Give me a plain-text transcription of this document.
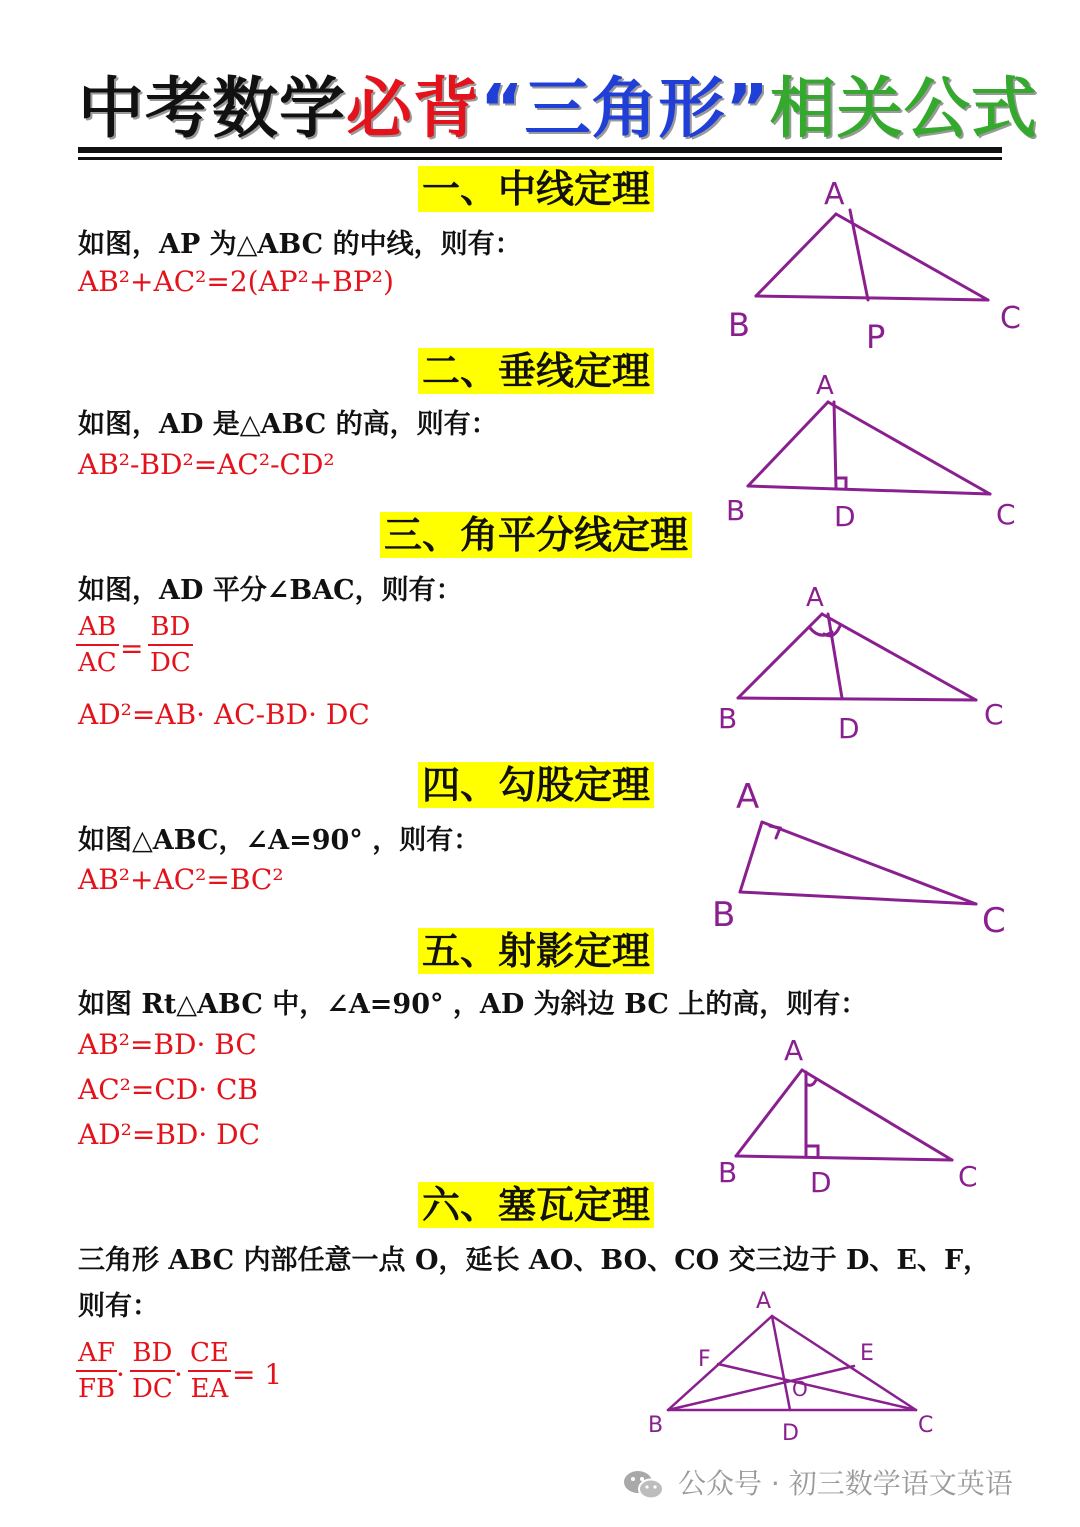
中考数学必背“三角形”相关公式
一、中线定理
如图，AP 为△ABC 的中线，则有：
AB²+AC²=2(AP²+BP²)
A
B	P	C
二、垂线定理
如图，AD 是△ABC 的高，则有：
AB²-BD²=AC²-CD²
A
B	D	C
三、角平分线定理
如图，AD 平分∠BAC，则有：
AB
AC =
BD
DC
AD²=AB· AC-BD· DC
A
B	D	C
四、勾股定理
如图△ABC，∠A=90° ，则有：
AB²+AC²=BC²
A
B	C
五、射影定理
如图 Rt△ABC 中，∠A=90° ，AD 为斜边 BC 上的高，则有：
AB²=BD· BC
AC²=CD· CB
AD²=BD· DC
A
B	D	C
六、塞瓦定理
三角形 ABC 内部任意一点 O，延长 AO、BO、CO 交三边于 D、E、F，
则有：
AF
FB ·
BD
DC ·
CE
EA = 1
A
F	E
O
B	D	C
公众号 · 初三数学语文英语
